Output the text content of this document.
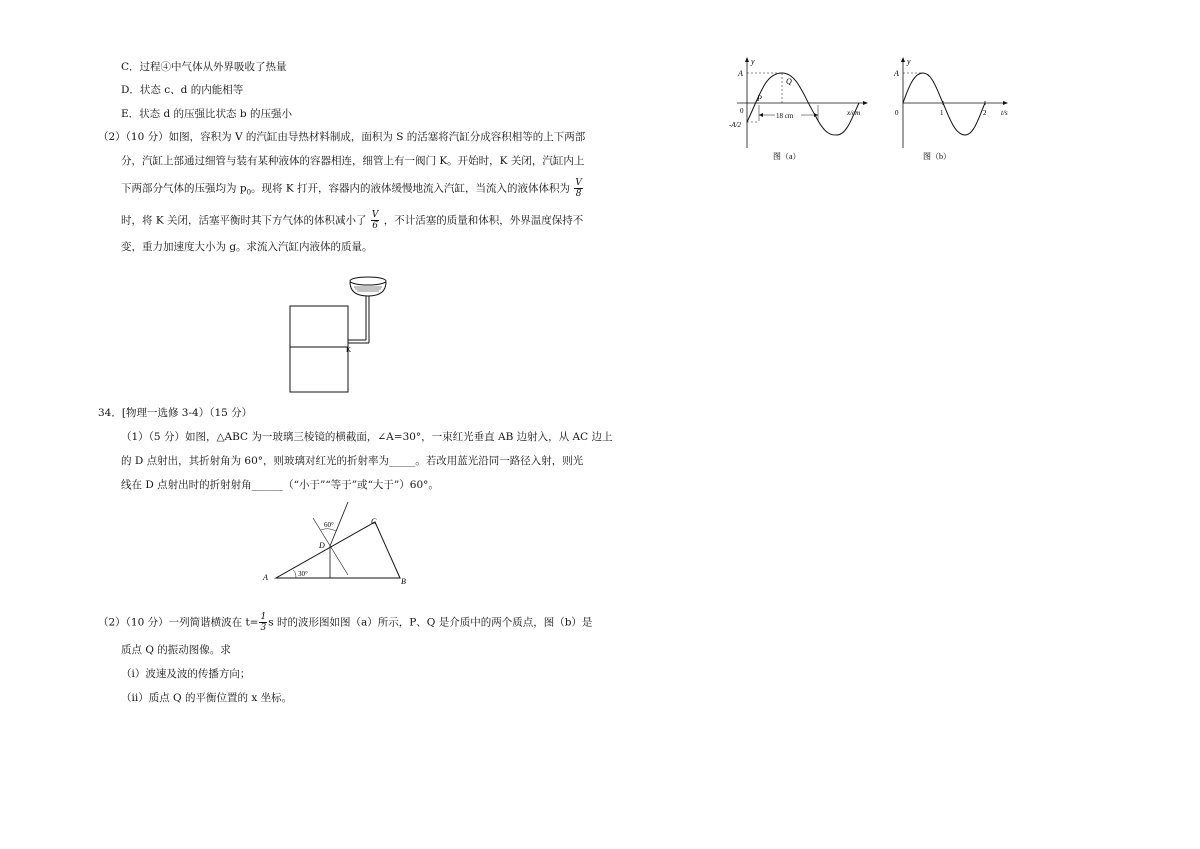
C．过程④中气体从外界吸收了热量
D．状态 c、d 的内能相等
E．状态 d 的压强比状态 b 的压强小
（2）（10 分）如图，容积为 V 的汽缸由导热材料制成，面积为 S 的活塞将汽缸分成容积相等的上下两部
分，汽缸上部通过细管与装有某种液体的容器相连，细管上有一阀门 K。开始时，K 关闭，汽缸内上
下两部分气体的压强均为 $p_0$。现将 K 打开，容器内的液体缓慢地流入汽缸，当流入的液体体积为 $\frac{V}{8}$
时，将 K 关闭，活塞平衡时其下方气体的体积减小了 $\frac{V}{6}$ ，不计活塞的质量和体积，外界温度保持不
变，重力加速度大小为 g。求流入汽缸内液体的质量。
K
34．[物理一选修 3-4）（15 分）
（1）（5 分）如图，△ABC 为一玻璃三棱镜的横截面，∠A=30°，一束红光垂直 AB 边射入，从 AC 边上
的 D 点射出，其折射角为 60°，则玻璃对红光的折射率为_____。若改用蓝光沿同一路径入射，则光
线在 D 点射出时的折射射角______（“小于”“等于”或“大于”）60°。
A	B
C
D
30°
60°
（2）（10 分）一列简谐横波在 $t= \frac{1}{3}$ s 时的波形图如图（a）所示，P、Q 是介质中的两个质点，图（b）是
质点 Q 的振动图像。求
（i）波速及波的传播方向；
（ii）质点 Q 的平衡位置的 x 坐标。
18 cm
y
x/cm
A
-A/2
0
P
Q
图（a）
y
t/s
A
0	1	2
图（b）
